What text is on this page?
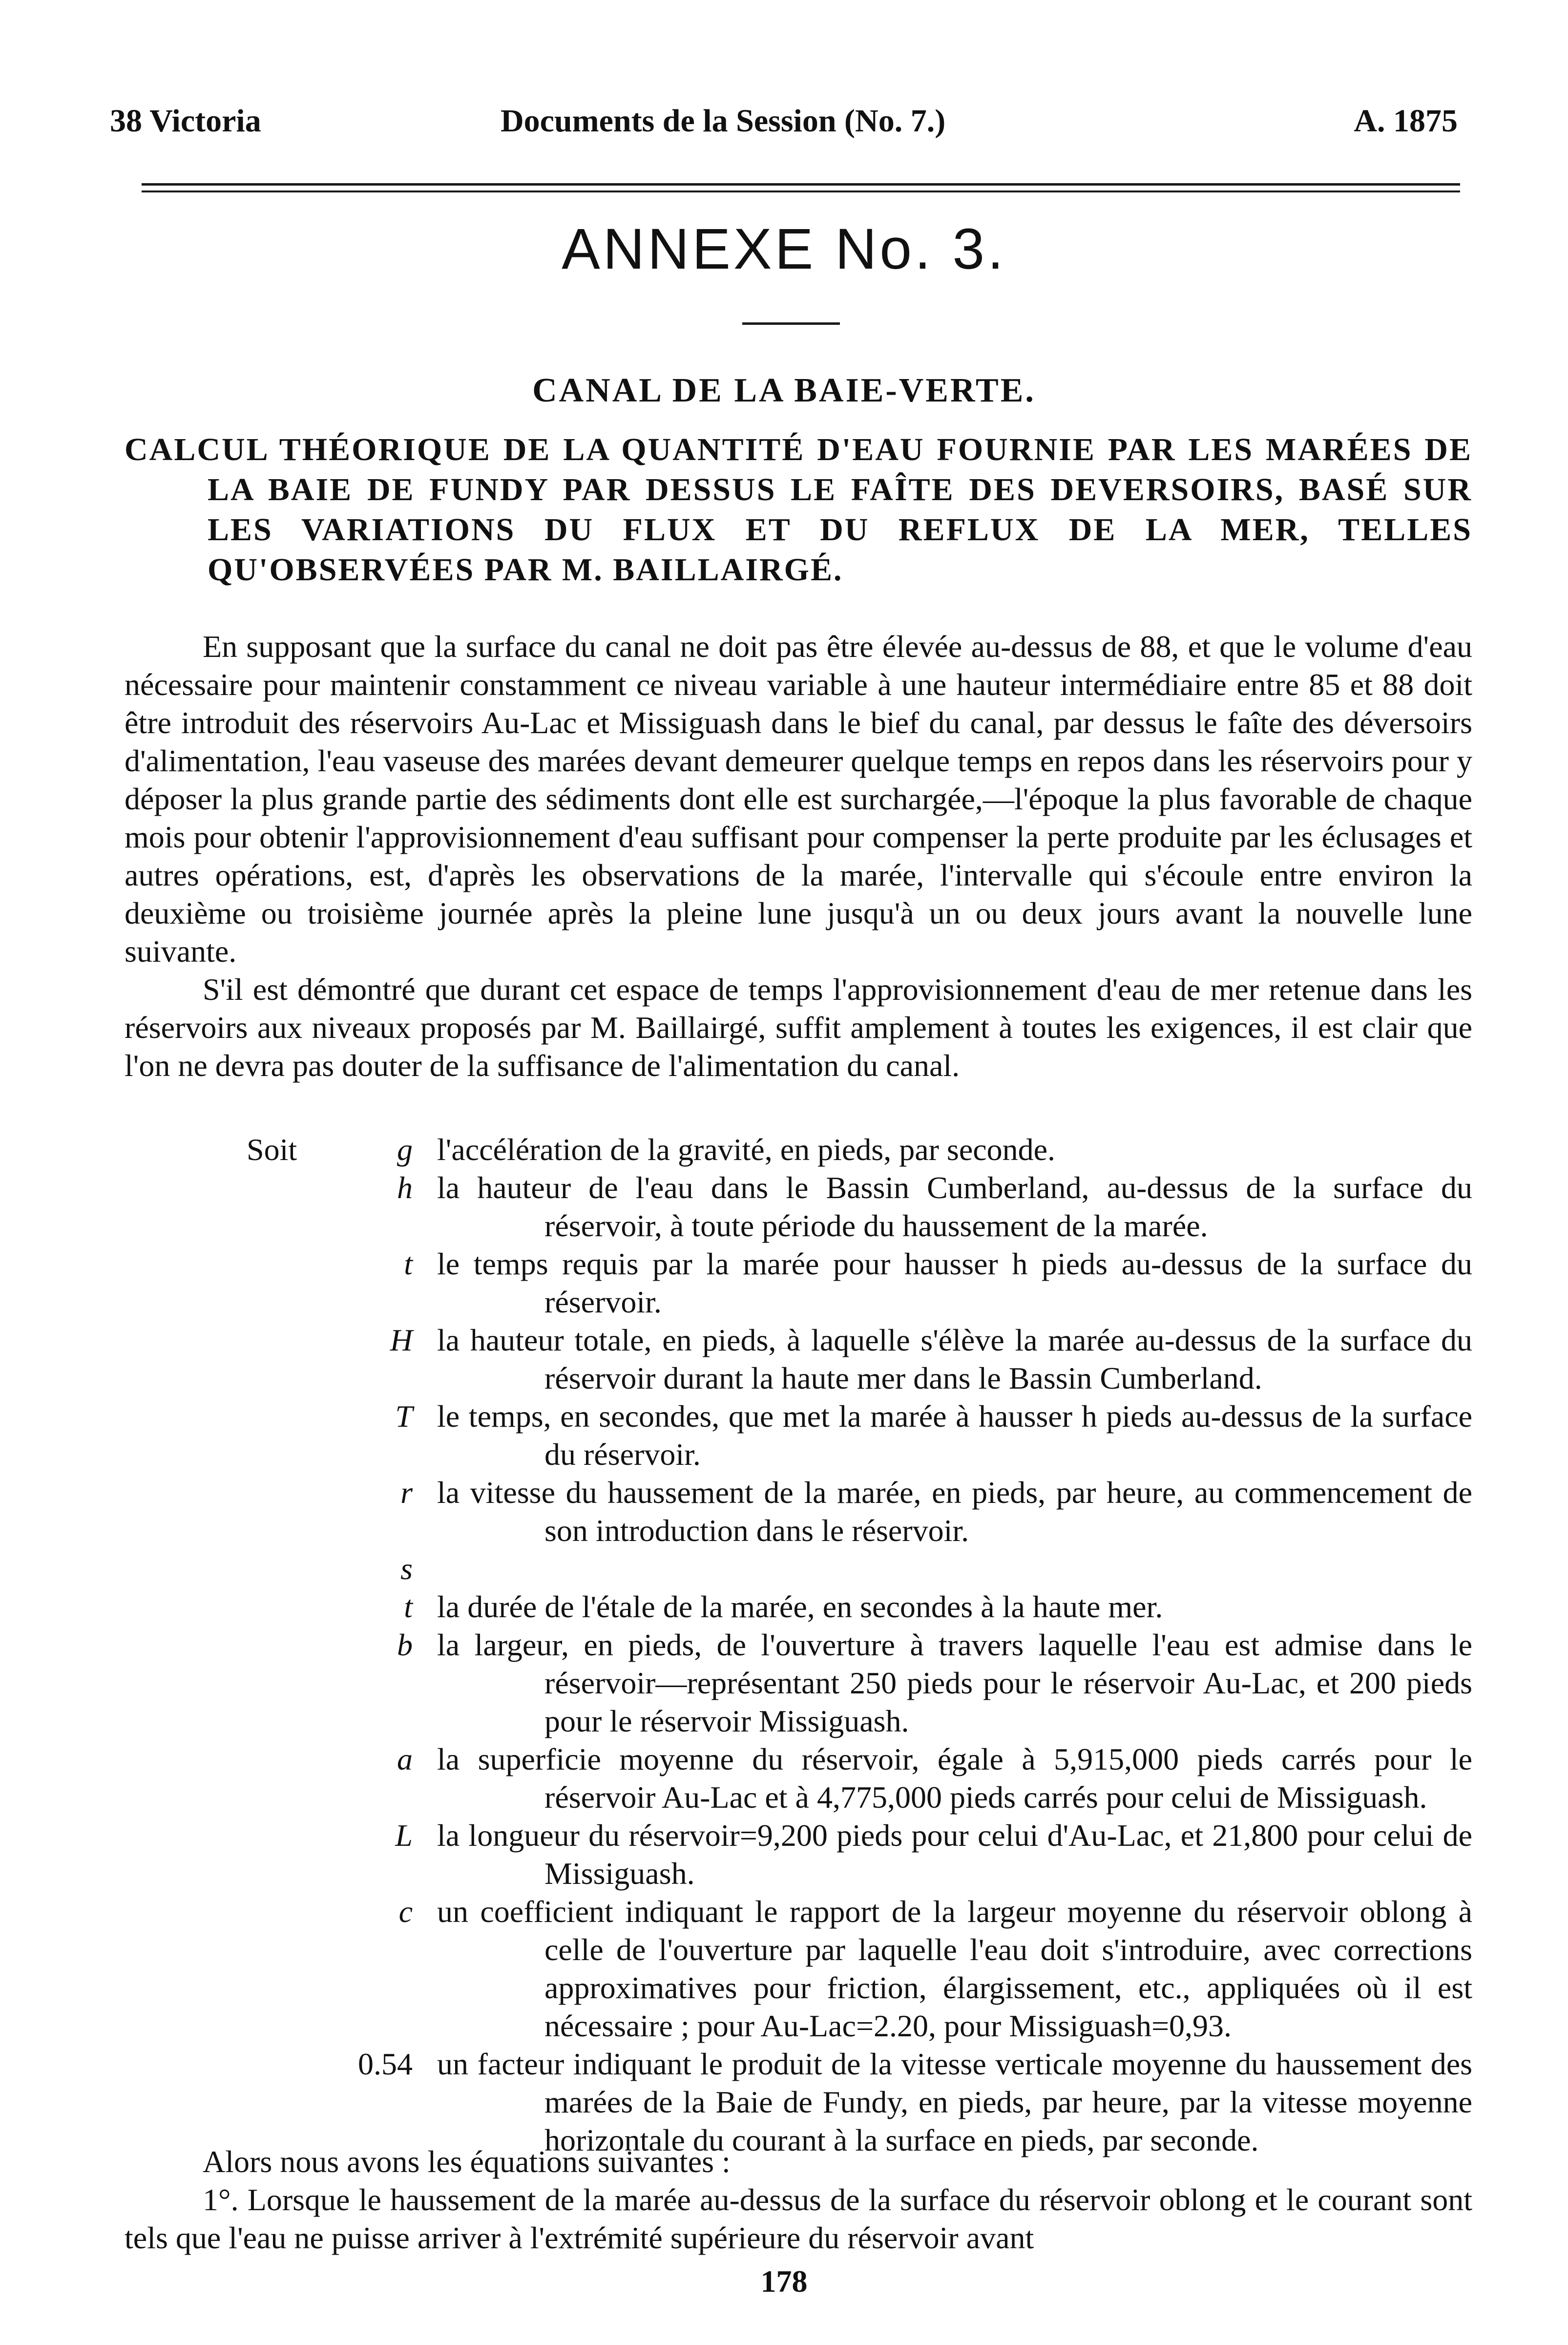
38 Victoria	Documents de la Session (No. 7.)	A. 1875
ANNEXE No. 3.
CANAL DE LA BAIE-VERTE.

CALCUL THÉORIQUE DE LA QUANTITÉ D'EAU FOURNIE PAR LES MARÉES DE LA BAIE DE FUNDY PAR DESSUS LE FAÎTE DES DEVERSOIRS, BASÉ SUR LES VARIATIONS DU FLUX ET DU REFLUX DE LA MER, TELLES QU'OBSERVÉES PAR M. BAILLAIRGÉ.

En supposant que la surface du canal ne doit pas être élevée au-dessus de 88, et que le volume d'eau nécessaire pour maintenir constamment ce niveau variable à une hauteur intermédiaire entre 85 et 88 doit être introduit des réservoirs Au-Lac et Missiguash dans le bief du canal, par dessus le faîte des déversoirs d'alimentation, l'eau vaseuse des marées devant demeurer quelque temps en repos dans les réservoirs pour y déposer la plus grande partie des sédiments dont elle est surchargée,—l'époque la plus favorable de chaque mois pour obtenir l'approvisionnement d'eau suffisant pour compenser la perte produite par les éclusages et autres opérations, est, d'après les observations de la marée, l'intervalle qui s'écoule entre environ la deuxième ou troisième journée après la pleine lune jusqu'à un ou deux jours avant la nouvelle lune suivante.

S'il est démontré que durant cet espace de temps l'approvisionnement d'eau de mer retenue dans les réservoirs aux niveaux proposés par M. Baillairgé, suffit amplement à toutes les exigences, il est clair que l'on ne devra pas douter de la suffisance de l'alimentation du canal.

Soit	g l'accélération de la gravité, en pieds, par seconde.
h la hauteur de l'eau dans le Bassin Cumberland, au-dessus de la surface du réservoir, à toute période du haussement de la marée.
t le temps requis par la marée pour hausser h pieds au-dessus de la surface du réservoir.
H la hauteur totale, en pieds, à laquelle s'élève la marée au-dessus de la surface du réservoir durant la haute mer dans le Bassin Cumberland.
T le temps, en secondes, que met la marée à hausser h pieds au-dessus de la surface du réservoir.
r la vitesse du haussement de la marée, en pieds, par heure, au commencement de son introduction dans le réservoir.
s
t la durée de l'étale de la marée, en secondes à la haute mer.
b la largeur, en pieds, de l'ouverture à travers laquelle l'eau est admise dans le réservoir—représentant 250 pieds pour le réservoir Au-Lac, et 200 pieds pour le réservoir Missiguash.
a la superficie moyenne du réservoir, égale à 5,915,000 pieds carrés pour le réservoir Au-Lac et à 4,775,000 pieds carrés pour celui de Missiguash.
L la longueur du réservoir=9,200 pieds pour celui d'Au-Lac, et 21,800 pour celui de Missiguash.
c un coefficient indiquant le rapport de la largeur moyenne du réservoir oblong à celle de l'ouverture par laquelle l'eau doit s'introduire, avec corrections approximatives pour friction, élargissement, etc., appliquées où il est nécessaire ; pour Au-Lac=2.20, pour Missiguash=0,93.
0.54 un facteur indiquant le produit de la vitesse verticale moyenne du haussement des marées de la Baie de Fundy, en pieds, par heure, par la vitesse moyenne horizontale du courant à la surface en pieds, par seconde.

Alors nous avons les équations suivantes :

1°. Lorsque le haussement de la marée au-dessus de la surface du réservoir oblong et le courant sont tels que l'eau ne puisse arriver à l'extrémité supérieure du réservoir avant

178
